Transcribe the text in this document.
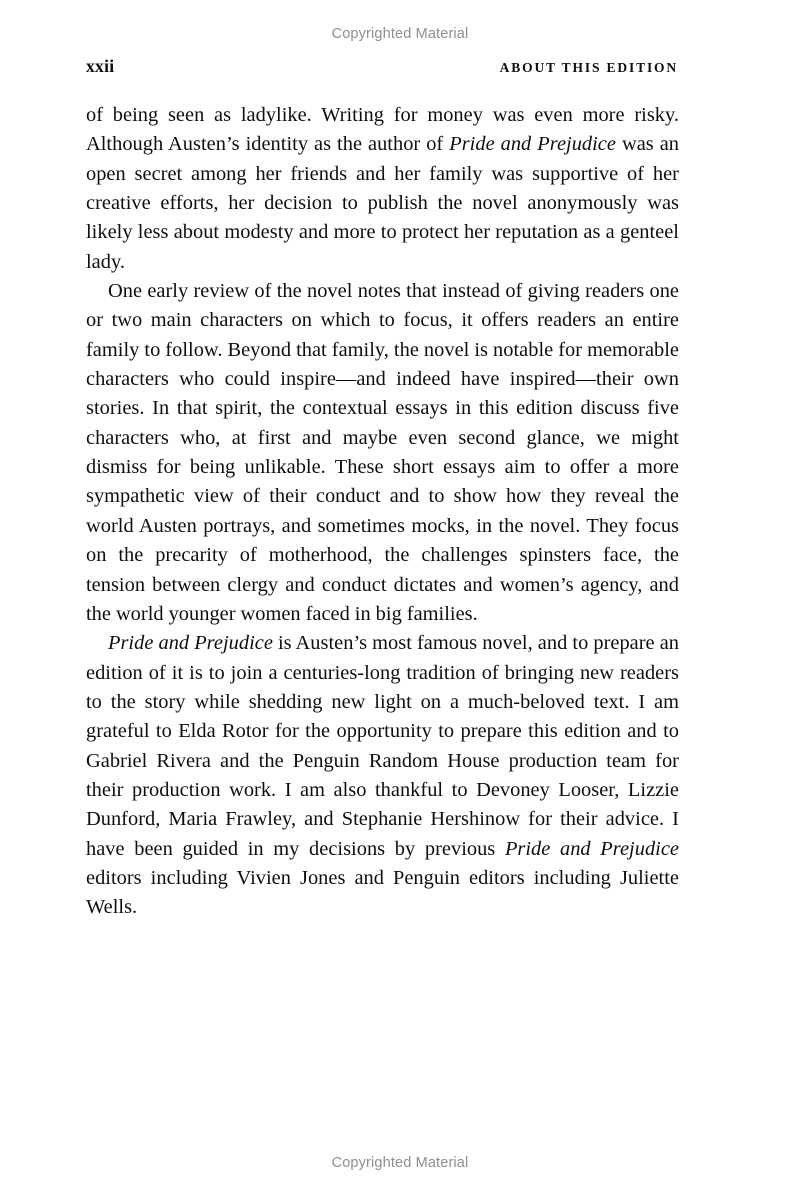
Copyrighted Material
xxii	ABOUT THIS EDITION

of being seen as ladylike. Writing for money was even more risky. Although Austen’s identity as the author of Pride and Prejudice was an open secret among her friends and her family was supportive of her creative efforts, her decision to publish the novel anonymously was likely less about modesty and more to protect her reputation as a genteel lady.

One early review of the novel notes that instead of giving readers one or two main characters on which to focus, it offers readers an entire family to follow. Beyond that family, the novel is notable for memorable characters who could inspire—and indeed have inspired—their own stories. In that spirit, the contextual essays in this edition discuss five characters who, at first and maybe even second glance, we might dismiss for being unlikable. These short essays aim to offer a more sympathetic view of their conduct and to show how they reveal the world Austen portrays, and sometimes mocks, in the novel. They focus on the precarity of motherhood, the challenges spinsters face, the tension between clergy and conduct dictates and women’s agency, and the world younger women faced in big families.

Pride and Prejudice is Austen’s most famous novel, and to prepare an edition of it is to join a centuries-long tradition of bringing new readers to the story while shedding new light on a much-beloved text. I am grateful to Elda Rotor for the opportunity to prepare this edition and to Gabriel Rivera and the Penguin Random House production team for their production work. I am also thankful to Devoney Looser, Lizzie Dunford, Maria Frawley, and Stephanie Hershinow for their advice. I have been guided in my decisions by previous Pride and Prejudice editors including Vivien Jones and Penguin editors including Juliette Wells.

Copyrighted Material
